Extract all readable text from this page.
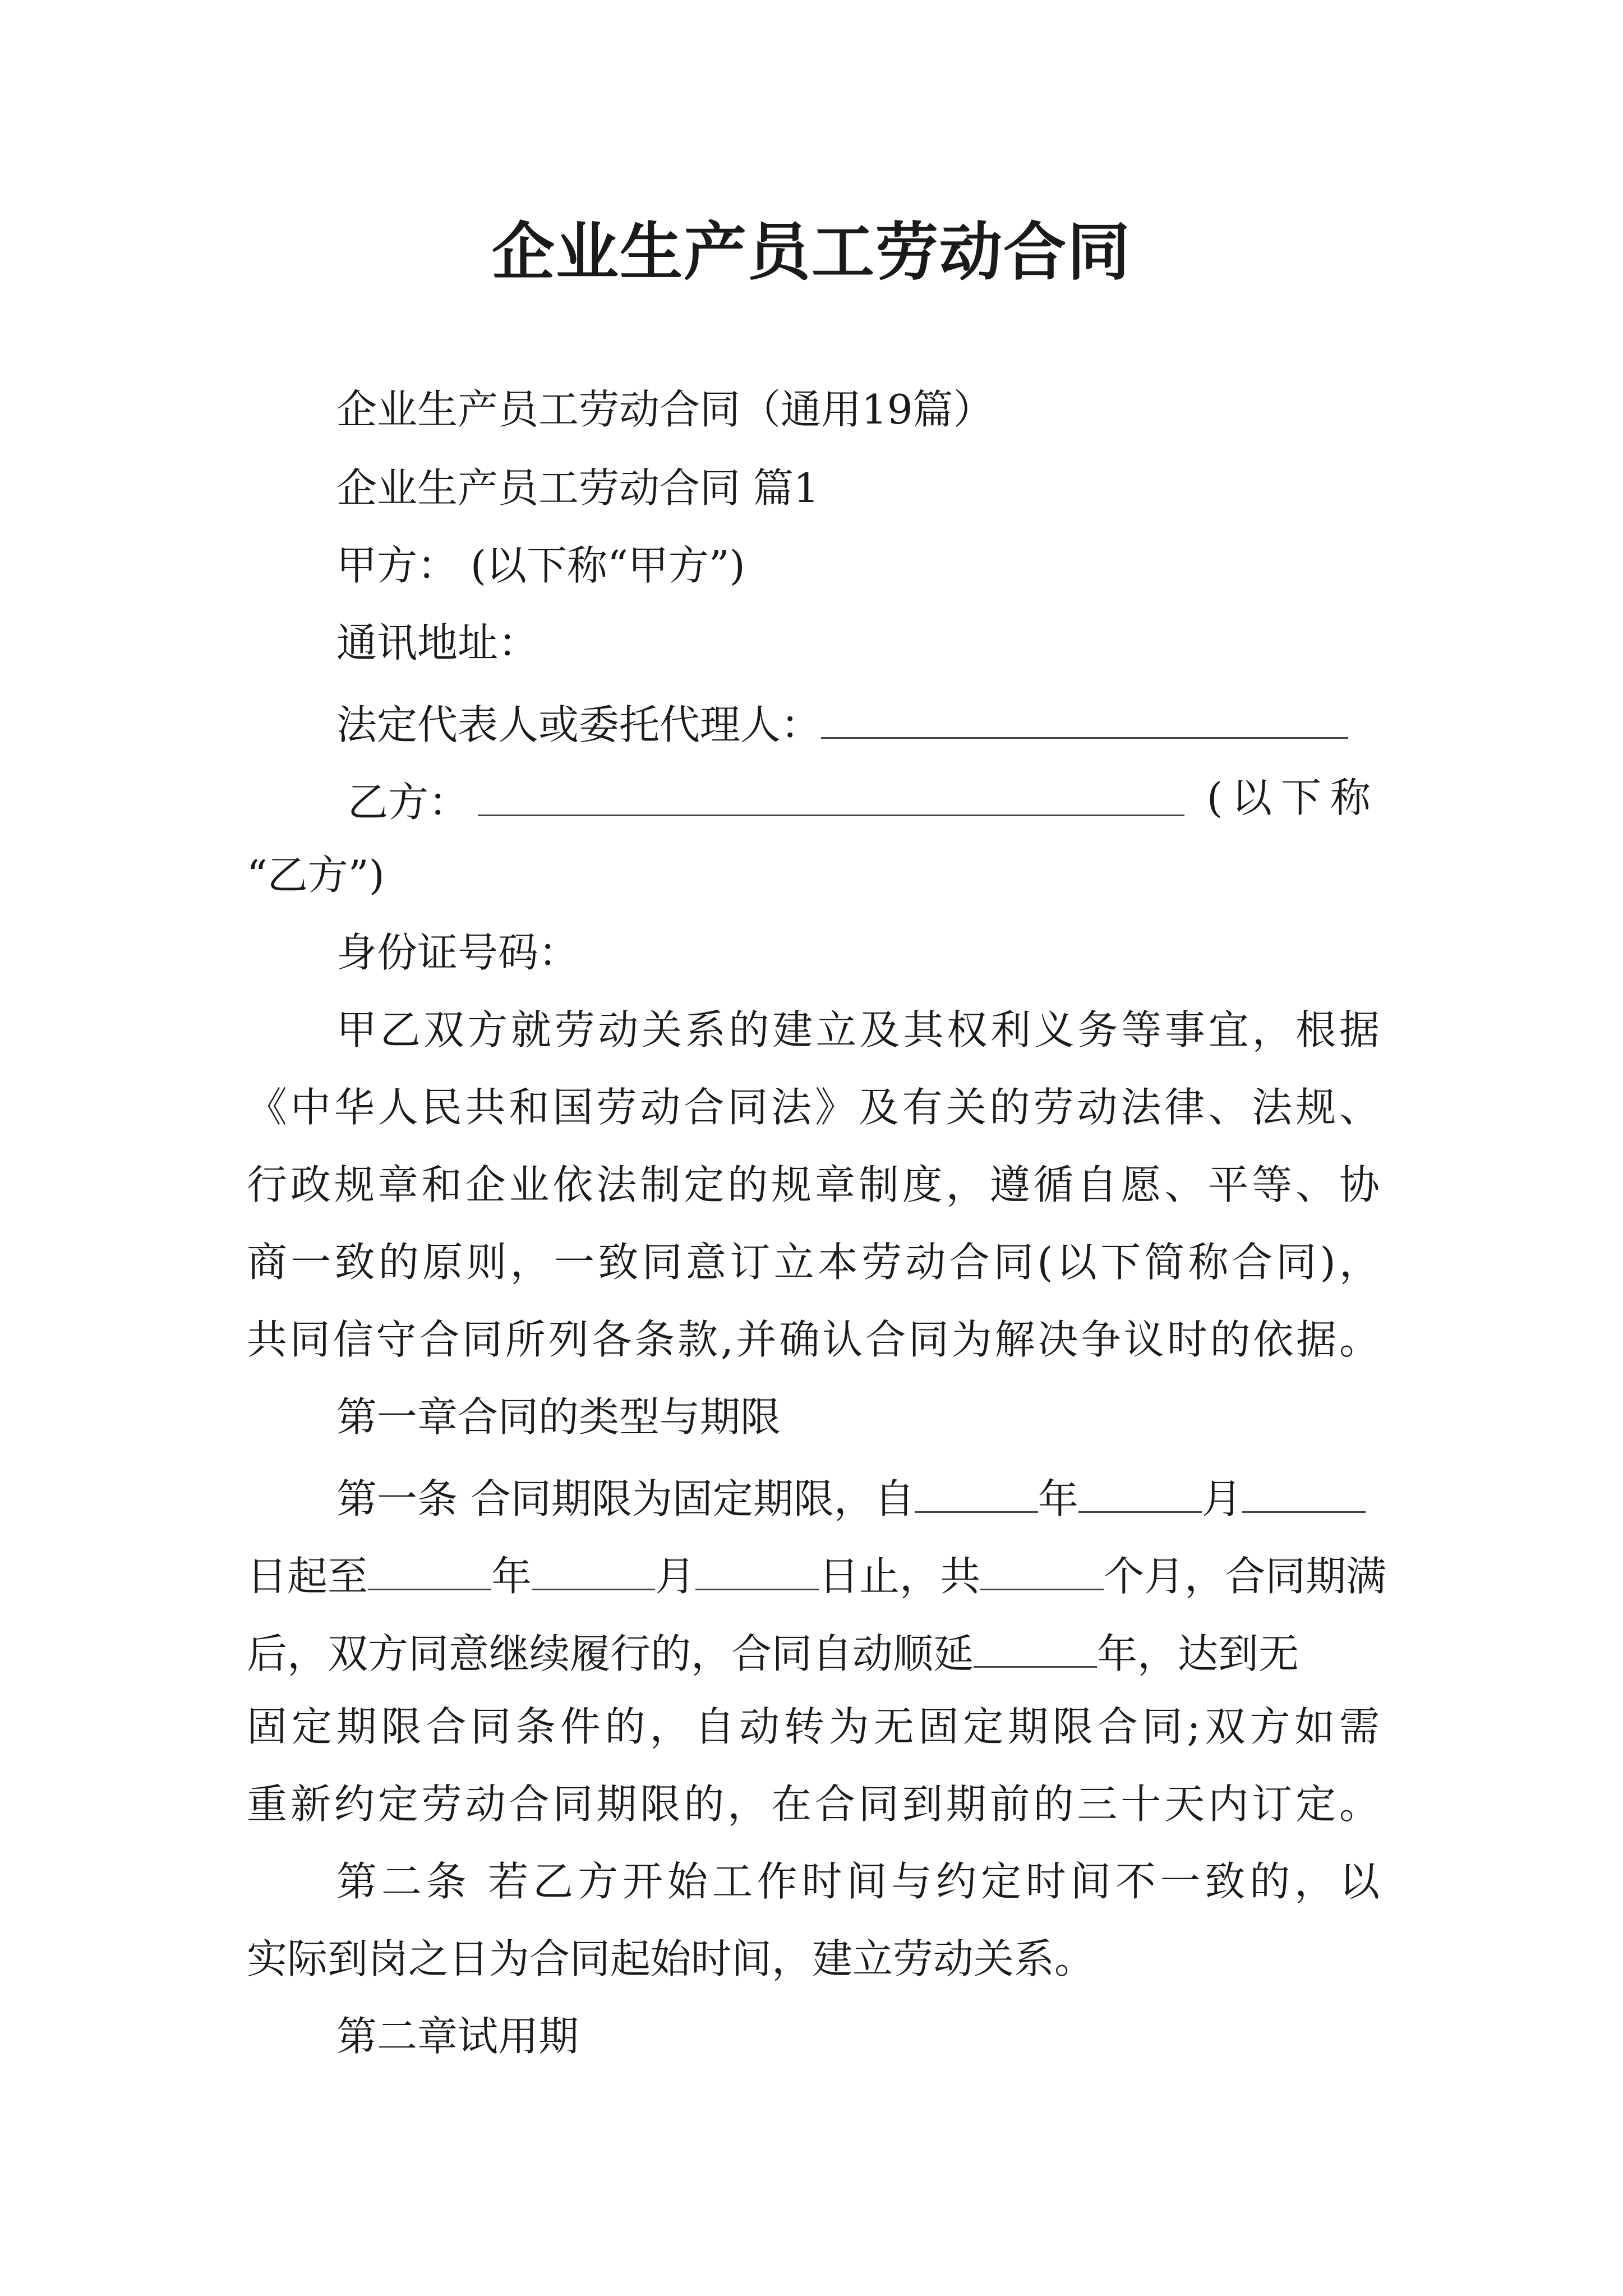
企业生产员工劳动合同
企业生产员工劳动合同（通用19篇）
企业生产员工劳动合同 篇1
甲方： (以下称“甲方”)
通讯地址：
法定代表人或委托代理人：
乙方：	(以下称
“乙方”)
身份证号码：
甲乙双方就劳动关系的建立及其权利义务等事宜，根据
《中华人民共和国劳动合同法》及有关的劳动法律、法规、
行政规章和企业依法制定的规章制度，遵循自愿、平等、协
商一致的原则，一致同意订立本劳动合同(以下简称合同)，
共同信守合同所列各条款,并确认合同为解决争议时的依据。
第一章合同的类型与期限
第一条 合同期限为固定期限，自	年	月
日起至	年	月	日止，共	个月，合同期满
后，双方同意继续履行的，合同自动顺延	年，达到无
固定期限合同条件的，自动转为无固定期限合同;双方如需
重新约定劳动合同期限的，在合同到期前的三十天内订定。
第二条 若乙方开始工作时间与约定时间不一致的，以
实际到岗之日为合同起始时间，建立劳动关系。
第二章试用期
